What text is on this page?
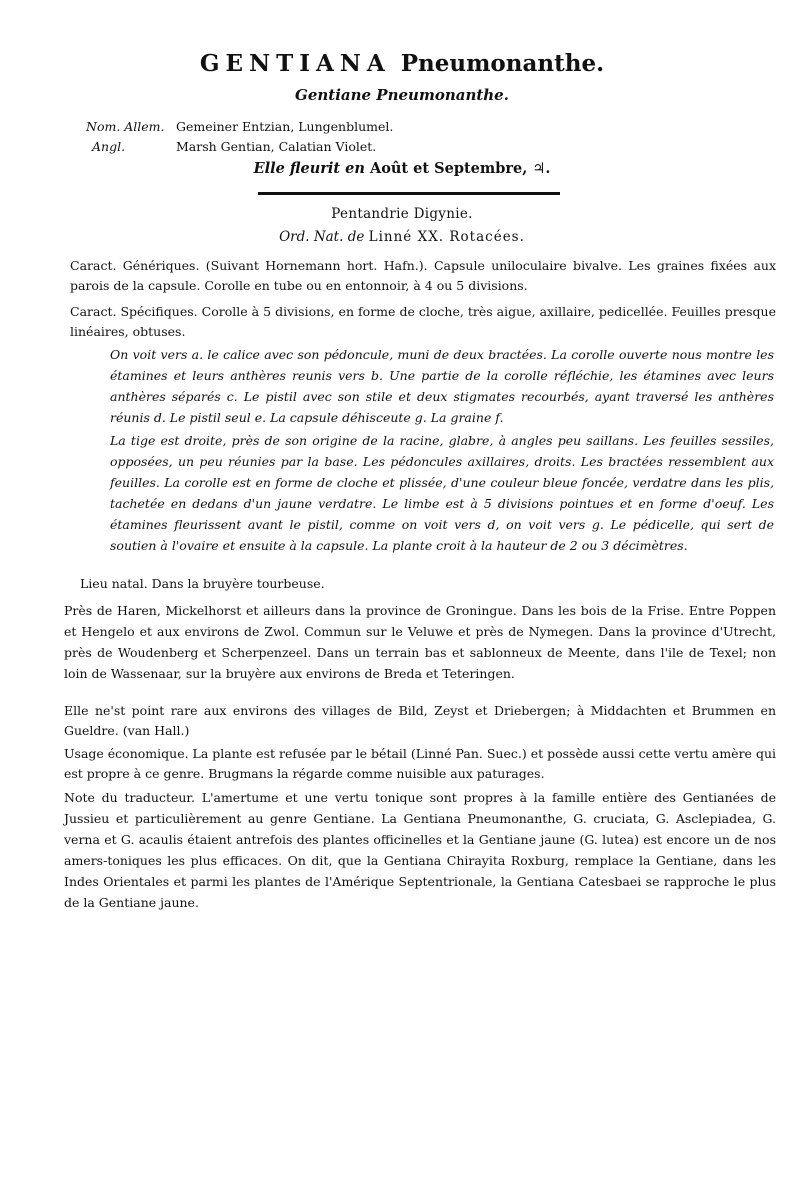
GENTIANA Pneumonanthe.
Gentiane Pneumonanthe.
Nom. Allem. Gemeiner Entzian, Lungenblumel.
Angl.	Marsh Gentian, Calatian Violet.
Elle fleurit en Août et Septembre, ♃.
Pentandrie Digynie.
Ord. Nat. de Linné XX. Rotacées.
Caract. Génériques. (Suivant Hornemann hort. Hafn.). Capsule uniloculaire bivalve. Les graines fixées aux parois de la capsule. Corolle en tube ou en entonnoir, à 4 ou 5 divisions.
Caract. Spécifiques. Corolle à 5 divisions, en forme de cloche, très aigue, axillaire, pedicellée. Feuilles presque linéaires, obtuses.
On voit vers a. le calice avec son pédoncule, muni de deux bractées. La corolle ouverte nous montre les étamines et leurs anthères reunis vers b. Une partie de la corolle réfléchie, les étamines avec leurs anthères séparés c. Le pistil avec son stile et deux stigmates recourbés, ayant traversé les anthères réunis d. Le pistil seul e. La capsule déhisceute g. La graine f.
La tige est droite, près de son origine de la racine, glabre, à angles peu saillans. Les feuilles sessiles, opposées, un peu réunies par la base. Les pédoncules axillaires, droits. Les bractées ressemblent aux feuilles. La corolle est en forme de cloche et plissée, d'une couleur bleue foncée, verdatre dans les plis, tachetée en dedans d'un jaune verdatre. Le limbe est à 5 divisions pointues et en forme d'oeuf. Les étamines fleurissent avant le pistil, comme on voit vers d, on voit vers g. Le pédicelle, qui sert de soutien à l'ovaire et ensuite à la capsule. La plante croit à la hauteur de 2 ou 3 décimètres.
Lieu natal. Dans la bruyère tourbeuse.
Près de Haren, Mickelhorst et ailleurs dans la province de Groningue. Dans les bois de la Frise. Entre Poppen et Hengelo et aux environs de Zwol. Commun sur le Veluwe et près de Nymegen. Dans la province d'Utrecht, près de Woudenberg et Scherpenzeel. Dans un terrain bas et sablonneux de Meente, dans l'ile de Texel; non loin de Wassenaar, sur la bruyère aux environs de Breda et Teteringen.
Elle ne'st point rare aux environs des villages de Bild, Zeyst et Driebergen; à Middachten et Brummen en Gueldre. (van Hall.)
Usage économique. La plante est refusée par le bétail (Linné Pan. Suec.) et possède aussi cette vertu amère qui est propre à ce genre. Brugmans la régarde comme nuisible aux paturages.
Note du traducteur. L'amertume et une vertu tonique sont propres à la famille entière des Gentianées de Jussieu et particulièrement au genre Gentiane. La Gentiana Pneumonanthe, G. cruciata, G. Asclepiadea, G. verna et G. acaulis étaient antrefois des plantes officinelles et la Gentiane jaune (G. lutea) est encore un de nos amers-toniques les plus efficaces. On dit, que la Gentiana Chirayita Roxburg, remplace la Gentiane, dans les Indes Orientales et parmi les plantes de l'Amérique Septentrionale, la Gentiana Catesbaei se rapproche le plus de la Gentiane jaune.
